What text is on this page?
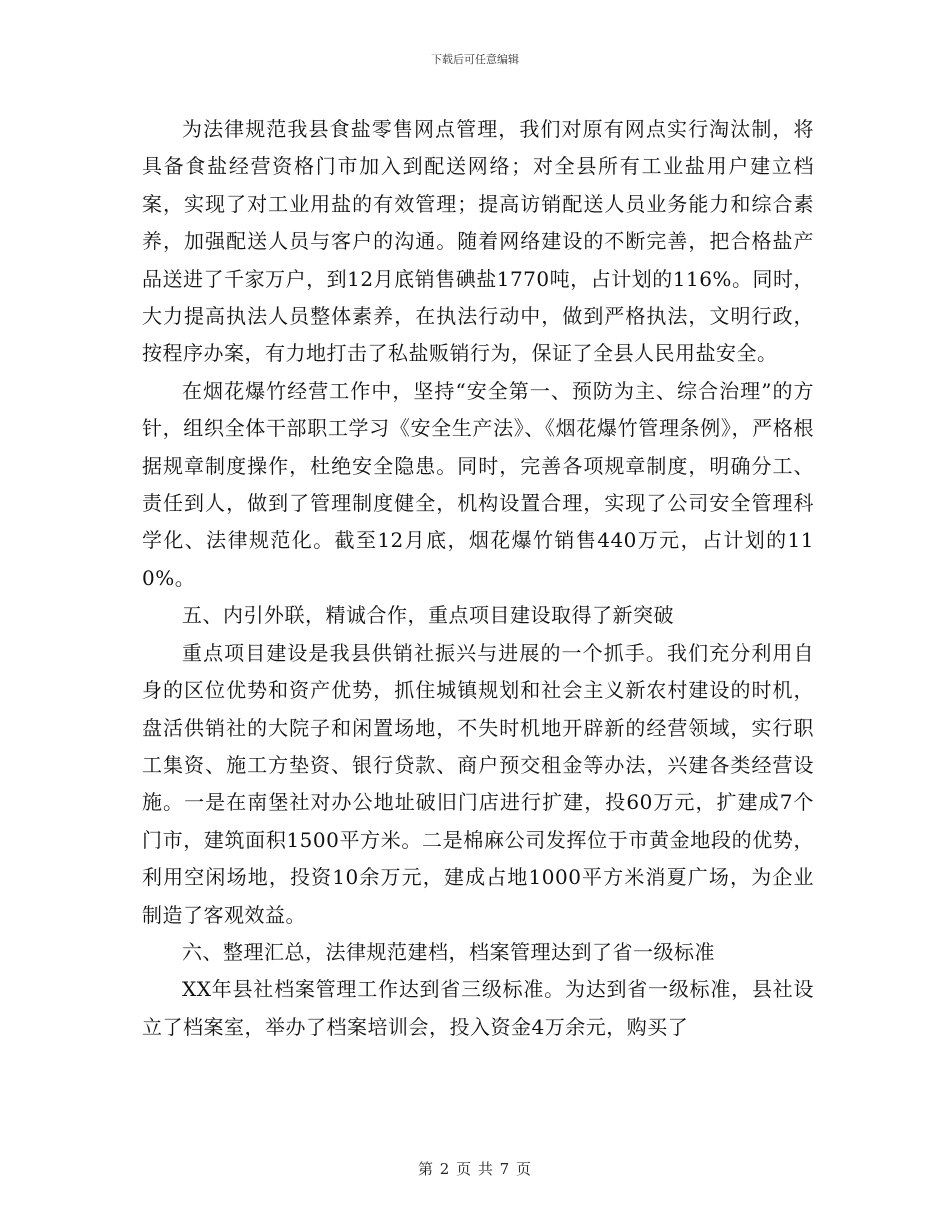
下载后可任意编辑

为法律规范我县食盐零售网点管理，我们对原有网点实行淘汰制，将具备食盐经营资格门市加入到配送网络；对全县所有工业盐用户建立档案，实现了对工业用盐的有效管理；提高访销配送人员业务能力和综合素养，加强配送人员与客户的沟通。随着网络建设的不断完善，把合格盐产品送进了千家万户，到12月底销售碘盐1770吨，占计划的116%。同时，大力提高执法人员整体素养，在执法行动中，做到严格执法，文明行政，按程序办案，有力地打击了私盐贩销行为，保证了全县人民用盐安全。

在烟花爆竹经营工作中，坚持“安全第一、预防为主、综合治理”的方针，组织全体干部职工学习《安全生产法》、《烟花爆竹管理条例》，严格根据规章制度操作，杜绝安全隐患。同时，完善各项规章制度，明确分工、责任到人，做到了管理制度健全，机构设置合理，实现了公司安全管理科学化、法律规范化。截至12月底，烟花爆竹销售440万元，占计划的110%。

五、内引外联，精诚合作，重点项目建设取得了新突破

重点项目建设是我县供销社振兴与进展的一个抓手。我们充分利用自身的区位优势和资产优势，抓住城镇规划和社会主义新农村建设的时机，盘活供销社的大院子和闲置场地，不失时机地开辟新的经营领域，实行职工集资、施工方垫资、银行贷款、商户预交租金等办法，兴建各类经营设施。一是在南堡社对办公地址破旧门店进行扩建，投60万元，扩建成7个门市，建筑面积1500平方米。二是棉麻公司发挥位于市黄金地段的优势，利用空闲场地，投资10余万元，建成占地1000平方米消夏广场，为企业制造了客观效益。

六、整理汇总，法律规范建档，档案管理达到了省一级标准

XX年县社档案管理工作达到省三级标准。为达到省一级标准，县社设立了档案室，举办了档案培训会，投入资金4万余元，购买了

第 2 页 共 7 页
